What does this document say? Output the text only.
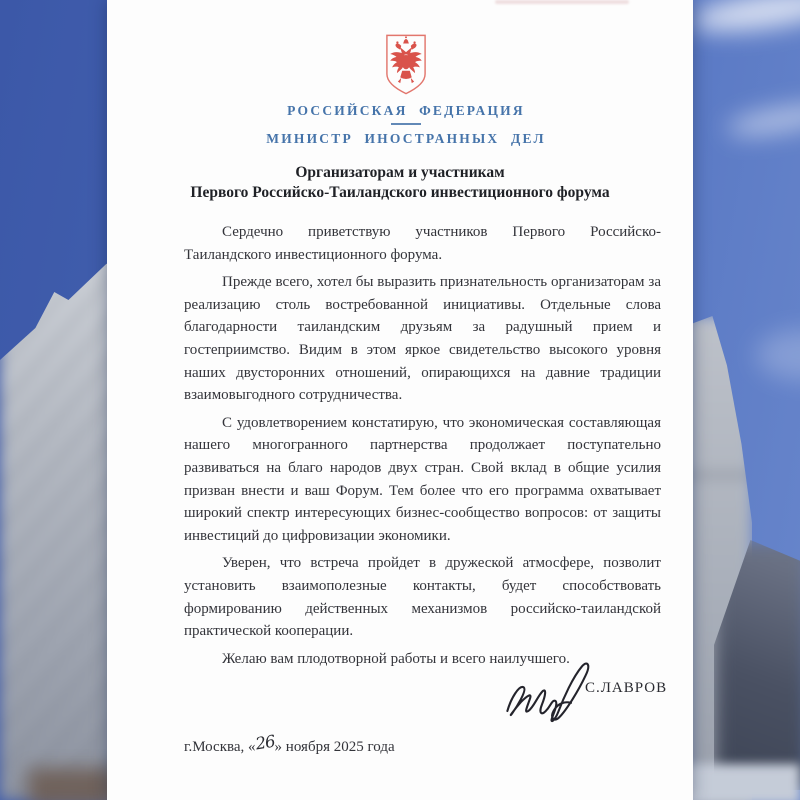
РОССИЙСКАЯ ФЕДЕРАЦИЯ
МИНИСТР ИНОСТРАННЫХ ДЕЛ
Организаторам и участникам
Первого Российско-Таиландского инвестиционного форума

Сердечно приветствую участников Первого Российско-Таиландского инвестиционного форума.

Прежде всего, хотел бы выразить признательность организаторам за реализацию столь востребованной инициативы. Отдельные слова благодарности таиландским друзьям за радушный прием и гостеприимство. Видим в этом яркое свидетельство высокого уровня наших двусторонних отношений, опирающихся на давние традиции взаимовыгодного сотрудничества.

С удовлетворением констатирую, что экономическая составляющая нашего многогранного партнерства продолжает поступательно развиваться на благо народов двух стран. Свой вклад в общие усилия призван внести и ваш Форум. Тем более что его программа охватывает широкий спектр интересующих бизнес-сообщество вопросов: от защиты инвестиций до цифровизации экономики.

Уверен, что встреча пройдет в дружеской атмосфере, позволит установить взаимополезные контакты, будет способствовать формированию действенных механизмов российско-таиландской практической кооперации.

Желаю вам плодотворной работы и всего наилучшего.

С.ЛАВРОВ
г.Москва, «26» ноября 2025 года
